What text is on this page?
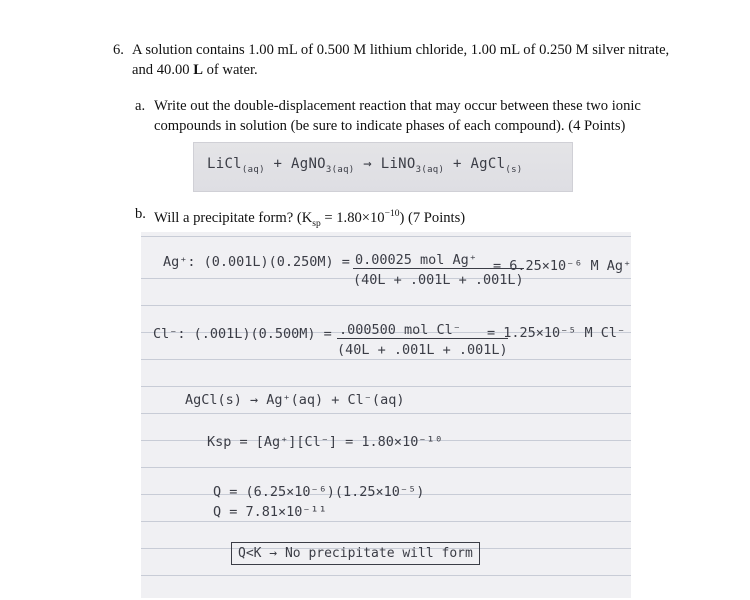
6. A solution contains 1.00 mL of 0.500 M lithium chloride, 1.00 mL of 0.250 M silver nitrate, and 40.00 L of water.
a. Write out the double-displacement reaction that may occur between these two ionic compounds in solution (be sure to indicate phases of each compound). (4 Points)
LiCl$_{(aq)}$ + AgNO$_{3(aq)}$ → LiNO$_{3(aq)}$ + AgCl$_{(s)}$
b. Will a precipitate form? $(K_{sp} = 1.80\times 10^{-10})$ (7 Points)
Ag⁺: (0.001L)(0.250M) = 0.00025 mol Ag⁺
(40L + .001L + .001L)
= 6.25×10⁻⁶ M Ag⁺
Cl⁻: (.001L)(0.500M) = .000500 mol Cl⁻
(40L + .001L + .001L)
= 1.25×10⁻⁵ M Cl⁻
AgCl(s) → Ag⁺(aq) + Cl⁻(aq)
Ksp = [Ag⁺][Cl⁻] = 1.80×10⁻¹⁰
Q = (6.25×10⁻⁶)(1.25×10⁻⁵)
Q = 7.81×10⁻¹¹
Q<K → No precipitate will form
